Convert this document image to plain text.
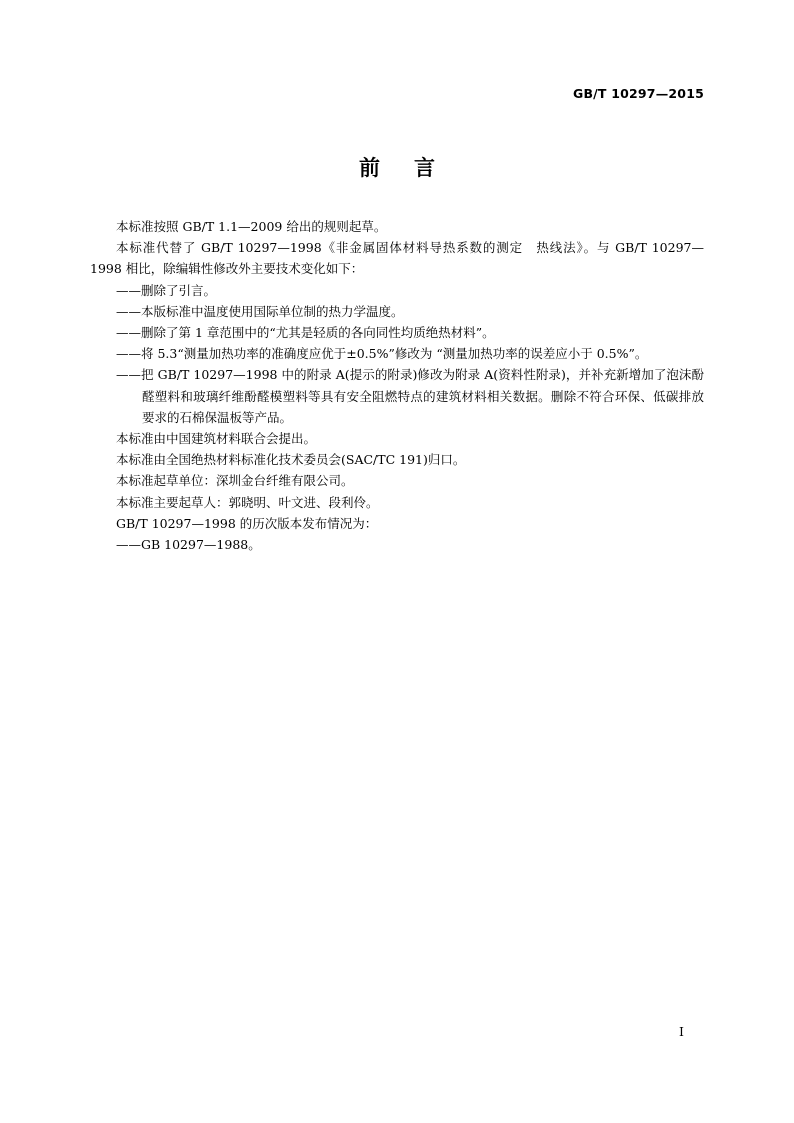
GB/T 10297—2015
前言

本标准按照 GB/T 1.1—2009 给出的规则起草。

本标准代替了 GB/T 10297—1998《非金属固体材料导热系数的测定　热线法》。与 GB/T 10297—1998 相比，除编辑性修改外主要技术变化如下：

——删除了引言。

——本版标准中温度使用国际单位制的热力学温度。

——删除了第 1 章范围中的“尤其是轻质的各向同性均质绝热材料”。

——将 5.3“测量加热功率的准确度应优于±0.5%”修改为 “测量加热功率的误差应小于 0.5%”。

——把 GB/T 10297—1998 中的附录 A(提示的附录)修改为附录 A(资料性附录)，并补充新增加了泡沫酚醛塑料和玻璃纤维酚醛模塑料等具有安全阻燃特点的建筑材料相关数据。删除不符合环保、低碳排放要求的石棉保温板等产品。

本标准由中国建筑材料联合会提出。

本标准由全国绝热材料标准化技术委员会(SAC/TC 191)归口。

本标准起草单位：深圳金台纤维有限公司。

本标准主要起草人：郭晓明、叶文进、段利伶。

GB/T 10297—1998 的历次版本发布情况为：

——GB 10297—1988。

I
